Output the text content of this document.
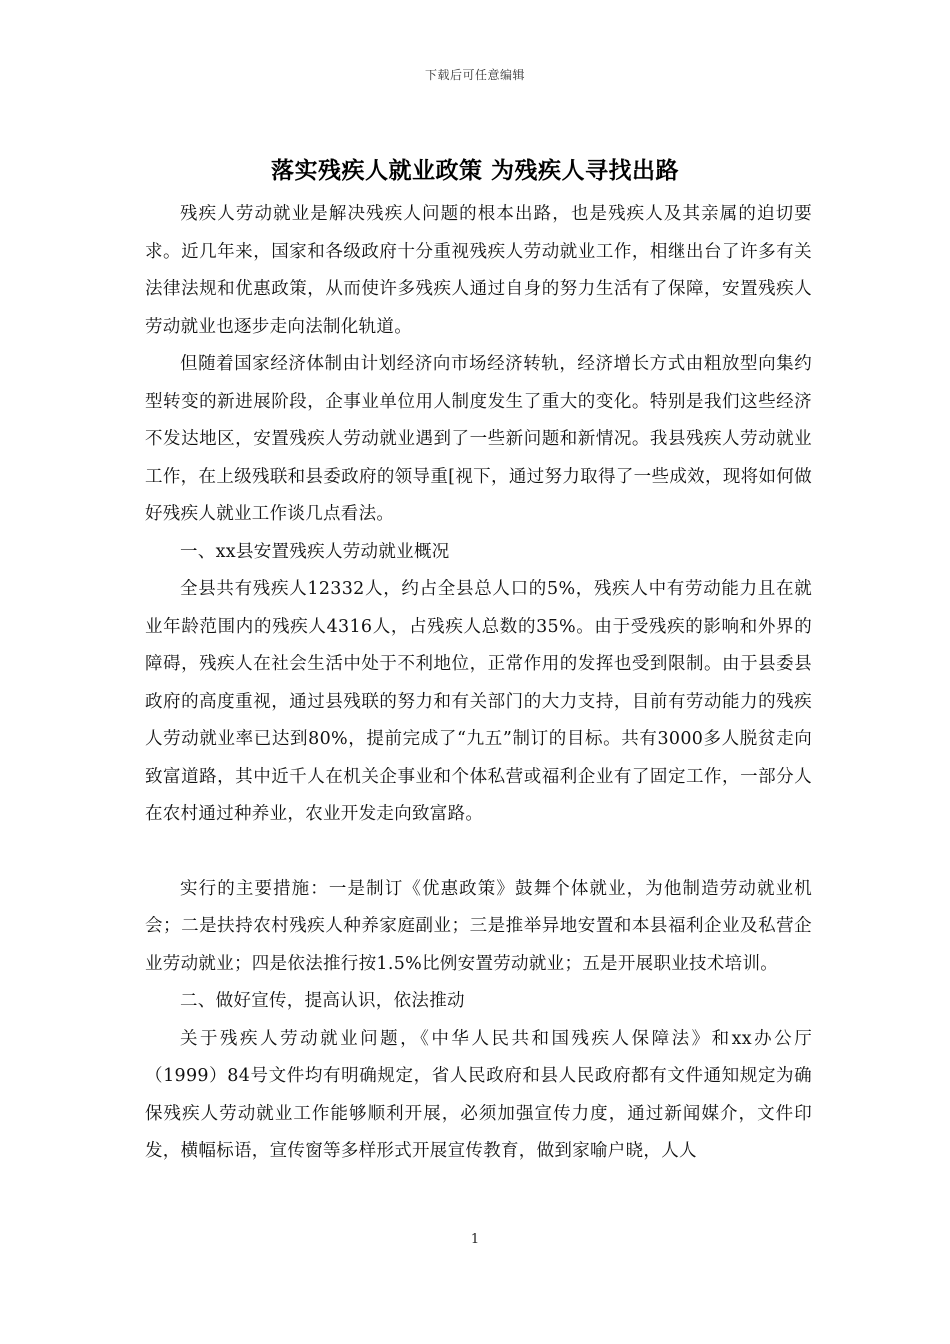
下载后可任意编辑
落实残疾人就业政策 为残疾人寻找出路

残疾人劳动就业是解决残疾人问题的根本出路，也是残疾人及其亲属的迫切要求。近几年来，国家和各级政府十分重视残疾人劳动就业工作，相继出台了许多有关法律法规和优惠政策，从而使许多残疾人通过自身的努力生活有了保障，安置残疾人劳动就业也逐步走向法制化轨道。

但随着国家经济体制由计划经济向市场经济转轨，经济增长方式由粗放型向集约型转变的新进展阶段，企事业单位用人制度发生了重大的变化。特别是我们这些经济不发达地区，安置残疾人劳动就业遇到了一些新问题和新情况。我县残疾人劳动就业工作，在上级残联和县委政府的领导重[视下，通过努力取得了一些成效，现将如何做好残疾人就业工作谈几点看法。

一、xx县安置残疾人劳动就业概况

全县共有残疾人12332人，约占全县总人口的5%，残疾人中有劳动能力且在就业年龄范围内的残疾人4316人，占残疾人总数的35%。由于受残疾的影响和外界的障碍，残疾人在社会生活中处于不利地位，正常作用的发挥也受到限制。由于县委县政府的高度重视，通过县残联的努力和有关部门的大力支持，目前有劳动能力的残疾人劳动就业率已达到80%，提前完成了“九五”制订的目标。共有3000多人脱贫走向致富道路，其中近千人在机关企事业和个体私营或福利企业有了固定工作，一部分人在农村通过种养业，农业开发走向致富路。

实行的主要措施：一是制订《优惠政策》鼓舞个体就业，为他制造劳动就业机会；二是扶持农村残疾人种养家庭副业；三是推举异地安置和本县福利企业及私营企业劳动就业；四是依法推行按1.5%比例安置劳动就业；五是开展职业技术培训。

二、做好宣传，提高认识，依法推动

关于残疾人劳动就业问题，《中华人民共和国残疾人保障法》和xx办公厅（1999）84号文件均有明确规定，省人民政府和县人民政府都有文件通知规定为确保残疾人劳动就业工作能够顺利开展，必须加强宣传力度，通过新闻媒介，文件印发，横幅标语，宣传窗等多样形式开展宣传教育，做到家喻户晓，人人

1
